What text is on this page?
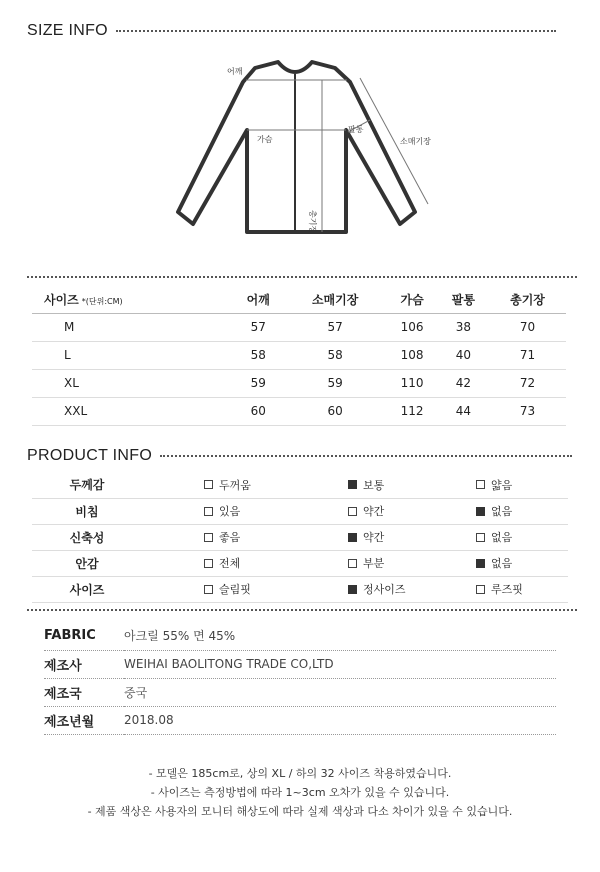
SIZE INFO
어깨
가슴
팔통
소매기장
총기장
사이즈 *(단위:CM)	어깨	소매기장	가슴	팔통	총기장
M	57	57	106	38	70
L	58	58	108	40	71
XL	59	59	110	42	72
XXL	60	60	112	44	73
PRODUCT INFO
두께감	두꺼움	보통	얇음

비침	있음	약간	없음

신축성	좋음	약간	없음

안감	전체	부분	없음

사이즈	슬림핏	정사이즈	루즈핏
FABRIC	아크릴 55% 면 45%
제조사	WEIHAI BAOLITONG TRADE CO,LTD
제조국	중국
제조년월	2018.08
- 모델은 185cm로, 상의 XL / 하의 32 사이즈 착용하였습니다.
- 사이즈는 측정방법에 따라 1~3cm 오차가 있을 수 있습니다.
- 제품 색상은 사용자의 모니터 해상도에 따라 실제 색상과 다소 차이가 있을 수 있습니다.
